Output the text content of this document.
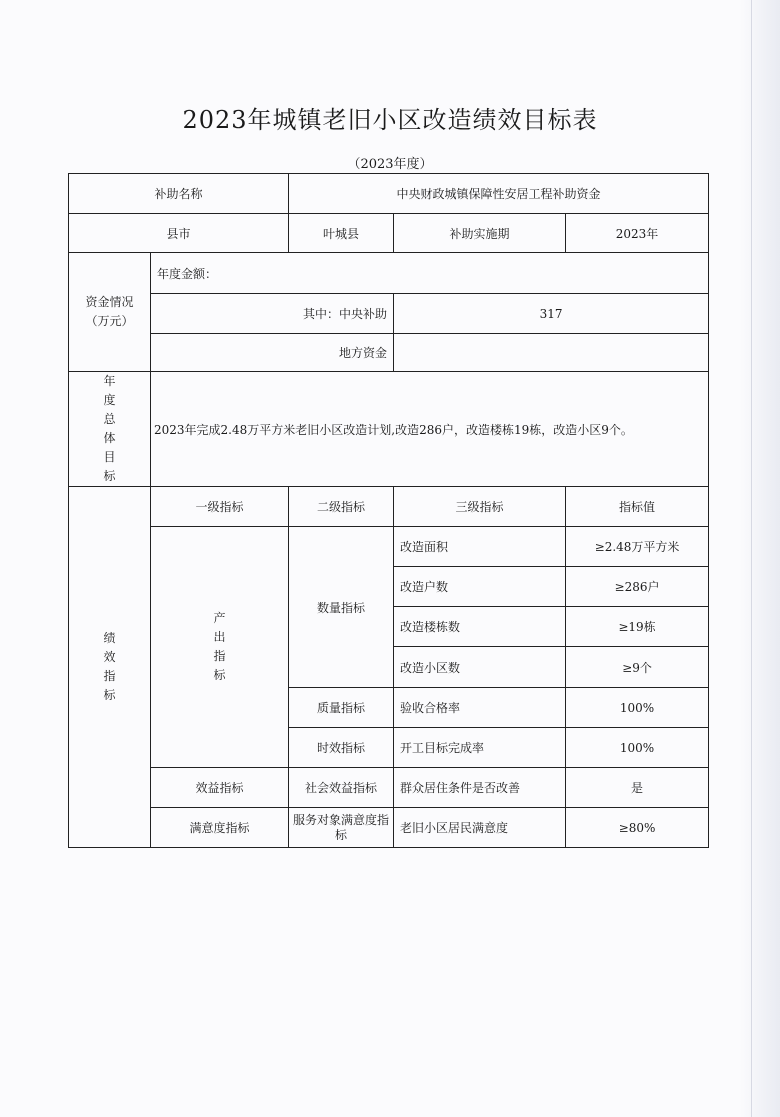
2023年城镇老旧小区改造绩效目标表
（2023年度）
补助名称		中央财政城镇保障性安居工程补助资金		
县市		叶城县	补助实施期	2023年
资金情况（万元）	年度金额：			
	其中：中央补助		317	
	地方资金			
年度总体目标	2023年完成2.48万平方米老旧小区改造计划,改造286户，改造楼栋19栋，改造小区9个。			
绩效指标	一级指标	二级指标	三级指标	指标值
	产出指标	数量指标	改造面积	≥2.48万平方米
			改造户数	≥286户
			改造楼栋数	≥19栋
			改造小区数	≥9个
		质量指标	验收合格率	100%
		时效指标	开工目标完成率	100%
	效益指标	社会效益指标	群众居住条件是否改善	是
	满意度指标	服务对象满意度指标	老旧小区居民满意度	≥80%
